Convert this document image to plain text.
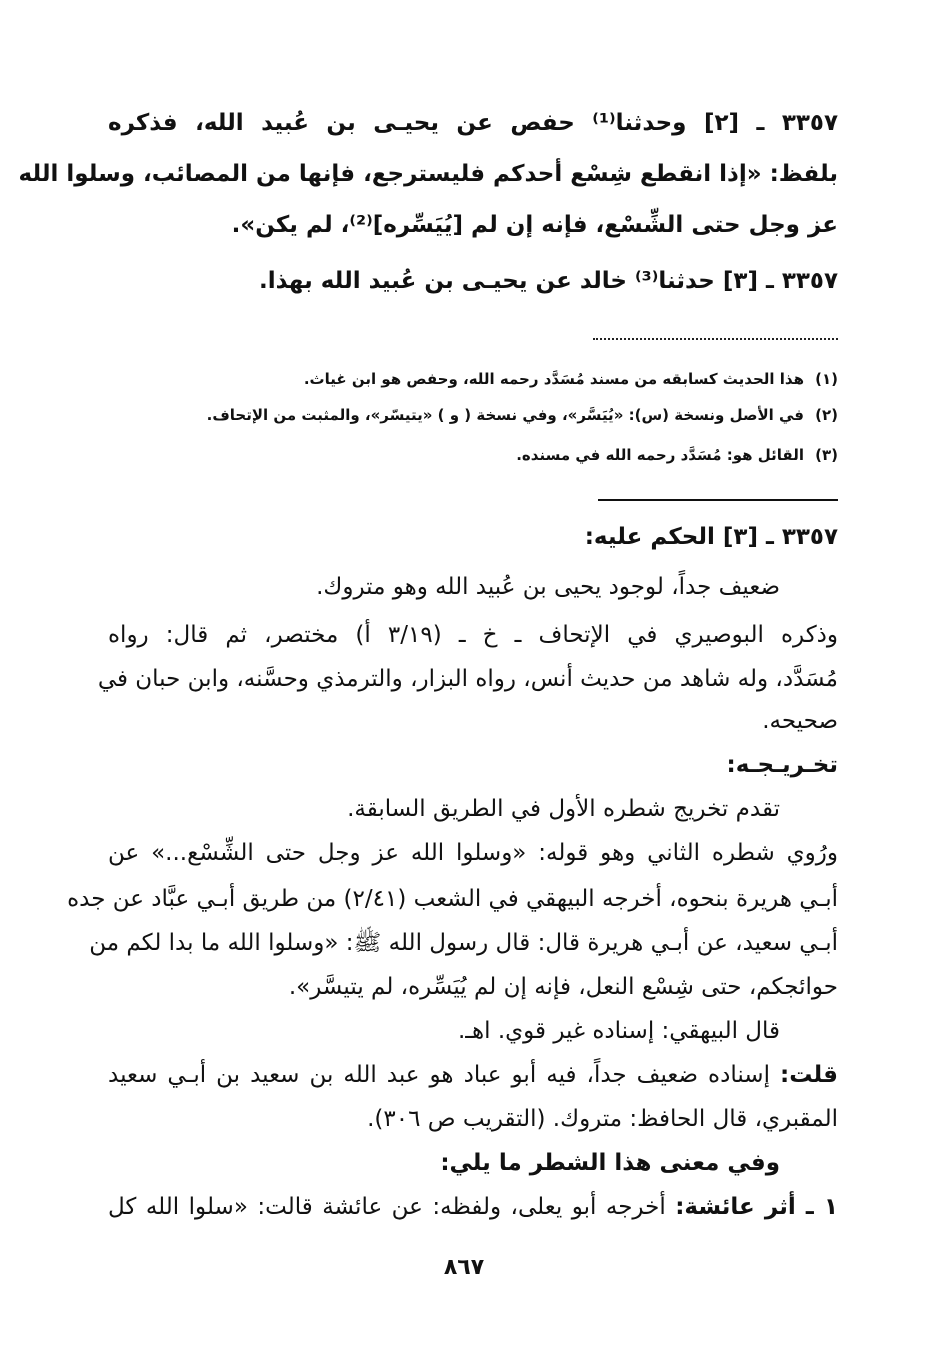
٣٣٥٧ ـ [٢] وحدثنا⁽¹⁾ حفص عن يحيـى بن عُبيد الله، فذكره
بلفظ: «إذا انقطع شِسْع أحدكم فليسترجع، فإنها من المصائب، وسلوا الله
عز وجل حتى الشِّسْع، فإنه إن لم [يُيَسِّره]⁽²⁾، لم يكن».
٣٣٥٧ ـ [٣] حدثنا⁽³⁾ خالد عن يحيـى بن عُبيد الله بهذا.
(١)هذا الحديث كسابقه من مسند مُسَدَّد رحمه الله، وحفص هو ابن غياث.
(٢)في الأصل ونسخة (س): «يُيَسَّر»، وفي نسخة ( و ) «يتيسّر»، والمثبت من الإتحاف.
(٣)القائل هو: مُسَدَّد رحمه الله في مسنده.
٣٣٥٧ ـ [٣] الحكم عليه:
ضعيف جداً، لوجود يحيى بن عُبيد الله وهو متروك.
وذكره البوصيري في الإتحاف ـ خ ـ (٣/١٩ أ) مختصر، ثم قال: رواه
مُسَدَّد، وله شاهد من حديث أنس، رواه البزار، والترمذي وحسَّنه، وابن حبان في
صحيحه.
تخـريـجـه:
تقدم تخريج شطره الأول في الطريق السابقة.
ورُوي شطره الثاني وهو قوله: «وسلوا الله عز وجل حتى الشِّسْع...» عن
أبـي هريرة بنحوه، أخرجه البيهقي في الشعب (٢/٤١) من طريق أبـي عبَّاد عن جده
أبـي سعيد، عن أبـي هريرة قال: قال رسول الله ﷺ: «وسلوا الله ما بدا لكم من
حوائجكم، حتى شِسْع النعل، فإنه إن لم يُيَسِّره، لم يتيسَّر».
قال البيهقي: إسناده غير قوي. اهـ.
قلت: إسناده ضعيف جداً، فيه أبو عباد هو عبد الله بن سعيد بن أبـي سعيد
المقبري، قال الحافظ: متروك. (التقريب ص ٣٠٦).
وفي معنى هذا الشطر ما يلي:
١ ـ أثر عائشة: أخرجه أبو يعلى، ولفظه: عن عائشة قالت: «سلوا الله كل
٨٦٧
